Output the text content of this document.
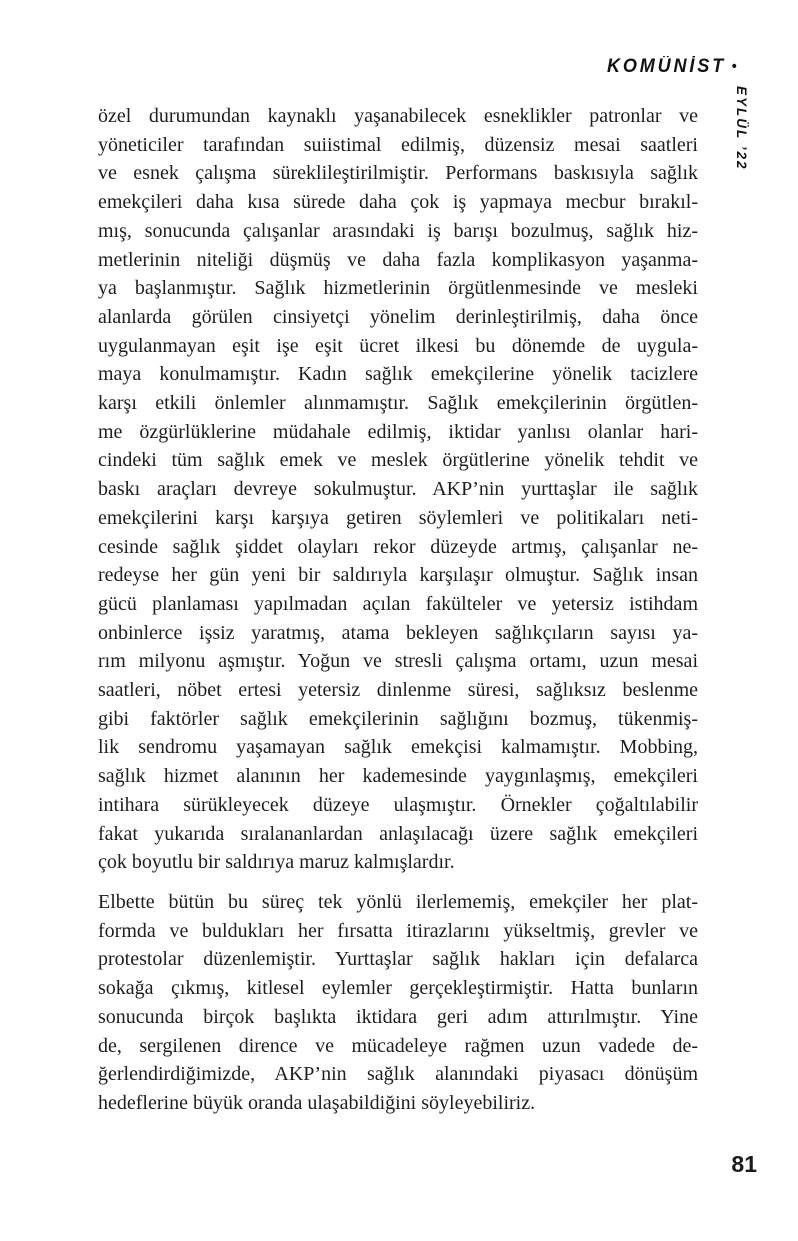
KOMÜNİST •
EYLÜL ’22
özel durumundan kaynaklı yaşanabilecek esneklikler patronlar ve
yöneticiler tarafından suiistimal edilmiş, düzensiz mesai saatleri
ve esnek çalışma süreklileştirilmiştir. Performans baskısıyla sağlık
emekçileri daha kısa sürede daha çok iş yapmaya mecbur bırakıl-
mış, sonucunda çalışanlar arasındaki iş barışı bozulmuş, sağlık hiz-
metlerinin niteliği düşmüş ve daha fazla komplikasyon yaşanma-
ya başlanmıştır. Sağlık hizmetlerinin örgütlenmesinde ve mesleki
alanlarda görülen cinsiyetçi yönelim derinleştirilmiş, daha önce
uygulanmayan eşit işe eşit ücret ilkesi bu dönemde de uygula-
maya konulmamıştır. Kadın sağlık emekçilerine yönelik tacizlere
karşı etkili önlemler alınmamıştır. Sağlık emekçilerinin örgütlen-
me özgürlüklerine müdahale edilmiş, iktidar yanlısı olanlar hari-
cindeki tüm sağlık emek ve meslek örgütlerine yönelik tehdit ve
baskı araçları devreye sokulmuştur. AKP’nin yurttaşlar ile sağlık
emekçilerini karşı karşıya getiren söylemleri ve politikaları neti-
cesinde sağlık şiddet olayları rekor düzeyde artmış, çalışanlar ne-
redeyse her gün yeni bir saldırıyla karşılaşır olmuştur. Sağlık insan
gücü planlaması yapılmadan açılan fakülteler ve yetersiz istihdam
onbinlerce işsiz yaratmış, atama bekleyen sağlıkçıların sayısı ya-
rım milyonu aşmıştır. Yoğun ve stresli çalışma ortamı, uzun mesai
saatleri, nöbet ertesi yetersiz dinlenme süresi, sağlıksız beslenme
gibi faktörler sağlık emekçilerinin sağlığını bozmuş, tükenmiş-
lik sendromu yaşamayan sağlık emekçisi kalmamıştır. Mobbing,
sağlık hizmet alanının her kademesinde yaygınlaşmış, emekçileri
intihara sürükleyecek düzeye ulaşmıştır. Örnekler çoğaltılabilir
fakat yukarıda sıralananlardan anlaşılacağı üzere sağlık emekçileri
çok boyutlu bir saldırıya maruz kalmışlardır.
Elbette bütün bu süreç tek yönlü ilerlememiş, emekçiler her plat-
formda ve buldukları her fırsatta itirazlarını yükseltmiş, grevler ve
protestolar düzenlemiştir. Yurttaşlar sağlık hakları için defalarca
sokağa çıkmış, kitlesel eylemler gerçekleştirmiştir. Hatta bunların
sonucunda birçok başlıkta iktidara geri adım attırılmıştır. Yine
de, sergilenen dirence ve mücadeleye rağmen uzun vadede de-
ğerlendirdiğimizde, AKP’nin sağlık alanındaki piyasacı dönüşüm
hedeflerine büyük oranda ulaşabildiğini söyleyebiliriz.
81
